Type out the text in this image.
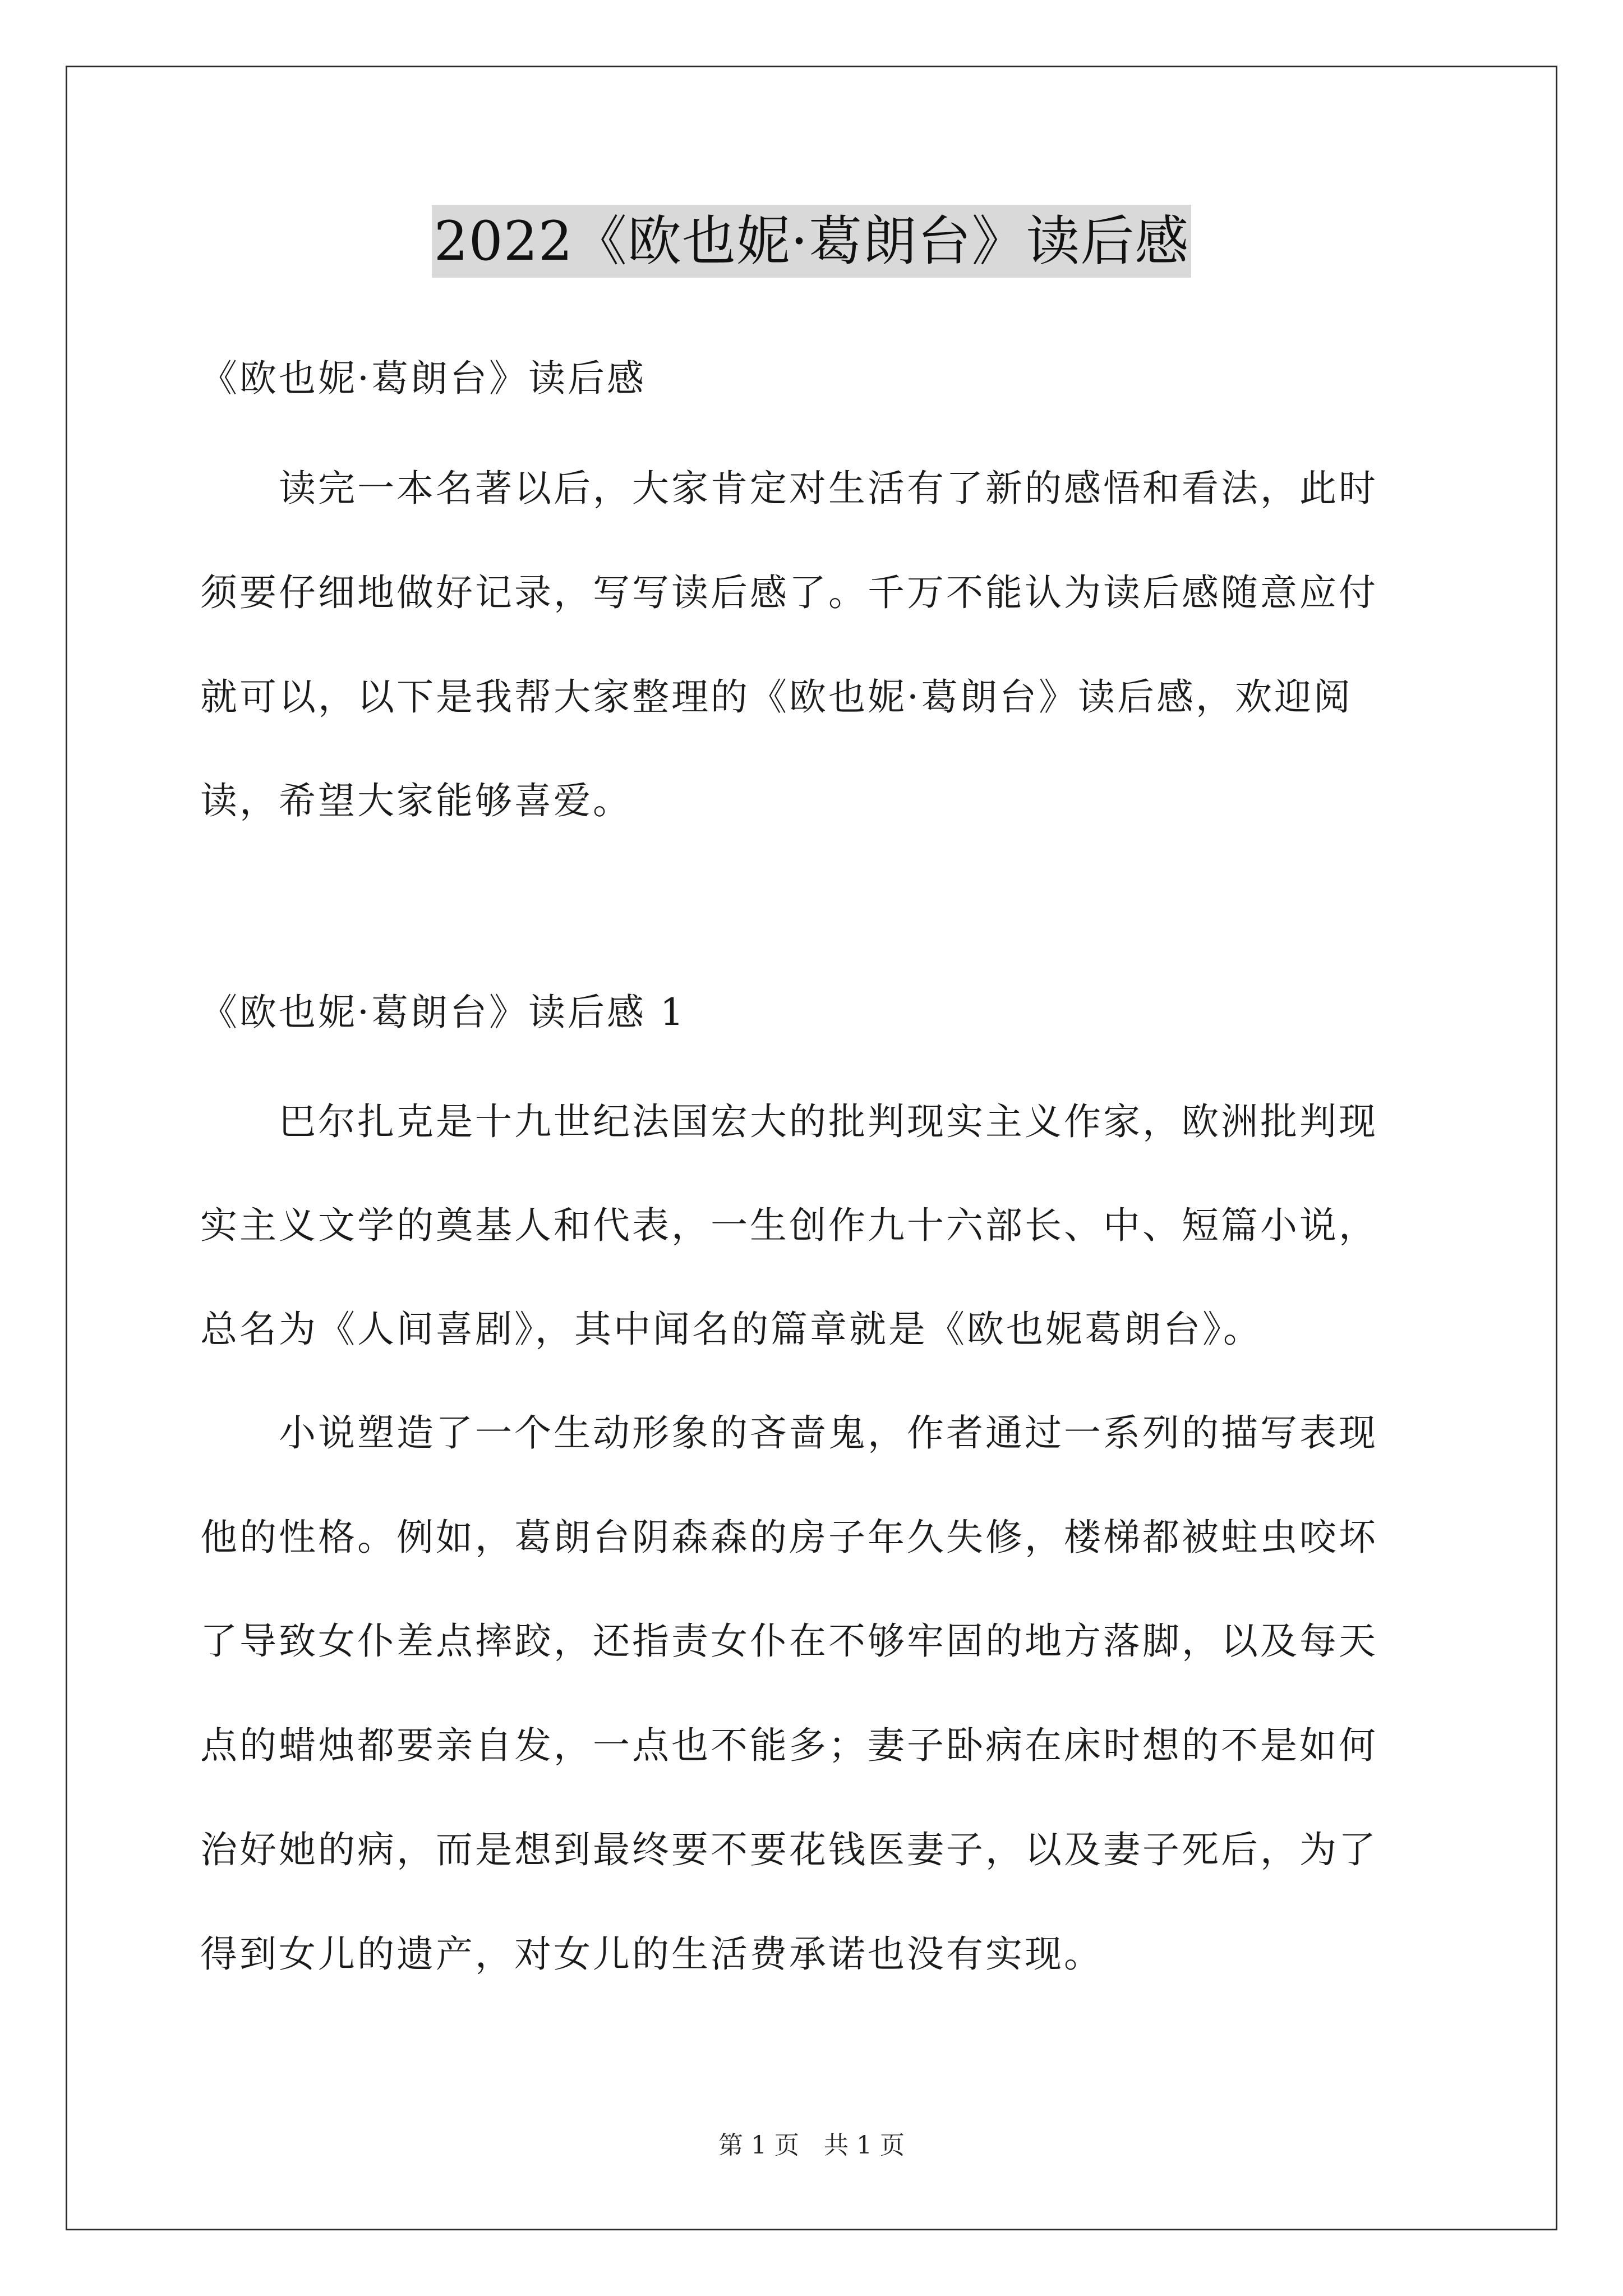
2022《欧也妮·葛朗台》读后感
《欧也妮·葛朗台》读后感
读完一本名著以后，大家肯定对生活有了新的感悟和看法，此时
须要仔细地做好记录，写写读后感了。千万不能认为读后感随意应付
就可以，以下是我帮大家整理的《欧也妮·葛朗台》读后感，欢迎阅
读，希望大家能够喜爱。
《欧也妮·葛朗台》读后感 1
巴尔扎克是十九世纪法国宏大的批判现实主义作家，欧洲批判现
实主义文学的奠基人和代表，一生创作九十六部长、中、短篇小说，
总名为《人间喜剧》，其中闻名的篇章就是《欧也妮葛朗台》。
小说塑造了一个生动形象的吝啬鬼，作者通过一系列的描写表现
他的性格。例如，葛朗台阴森森的房子年久失修，楼梯都被蛀虫咬坏
了导致女仆差点摔跤，还指责女仆在不够牢固的地方落脚，以及每天
点的蜡烛都要亲自发，一点也不能多；妻子卧病在床时想的不是如何
治好她的病，而是想到最终要不要花钱医妻子，以及妻子死后，为了
得到女儿的遗产，对女儿的生活费承诺也没有实现。
第 1 页　共 1 页
